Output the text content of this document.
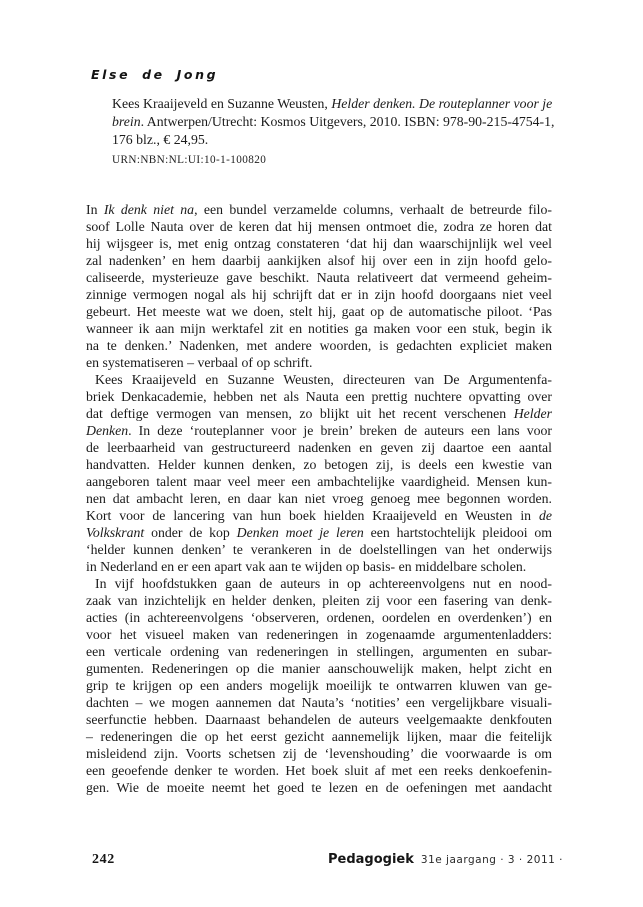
Else de Jong
Kees Kraaijeveld en Suzanne Weusten, Helder denken. De routeplanner voor je
brein. Antwerpen/Utrecht: Kosmos Uitgevers, 2010. ISBN: 978-90-215-4754-1,
176 blz., € 24,95.
URN:NBN:NL:UI:10-1-100820
In Ik denk niet na, een bundel verzamelde columns, verhaalt de betreurde filo-
soof Lolle Nauta over de keren dat hij mensen ontmoet die, zodra ze horen dat
hij wijsgeer is, met enig ontzag constateren ‘dat hij dan waarschijnlijk wel veel
zal nadenken’ en hem daarbij aankijken alsof hij over een in zijn hoofd gelo-
caliseerde, mysterieuze gave beschikt. Nauta relativeert dat vermeend geheim-
zinnige vermogen nogal als hij schrijft dat er in zijn hoofd doorgaans niet veel
gebeurt. Het meeste wat we doen, stelt hij, gaat op de automatische piloot. ‘Pas
wanneer ik aan mijn werktafel zit en notities ga maken voor een stuk, begin ik
na te denken.’ Nadenken, met andere woorden, is gedachten expliciet maken
en systematiseren – verbaal of op schrift.
Kees Kraaijeveld en Suzanne Weusten, directeuren van De Argumentenfa-
briek Denkacademie, hebben net als Nauta een prettig nuchtere opvatting over
dat deftige vermogen van mensen, zo blijkt uit het recent verschenen Helder
Denken. In deze ‘routeplanner voor je brein’ breken de auteurs een lans voor
de leerbaarheid van gestructureerd nadenken en geven zij daartoe een aantal
handvatten. Helder kunnen denken, zo betogen zij, is deels een kwestie van
aangeboren talent maar veel meer een ambachtelijke vaardigheid. Mensen kun-
nen dat ambacht leren, en daar kan niet vroeg genoeg mee begonnen worden.
Kort voor de lancering van hun boek hielden Kraaijeveld en Weusten in de
Volkskrant onder de kop Denken moet je leren een hartstochtelijk pleidooi om
‘helder kunnen denken’ te verankeren in de doelstellingen van het onderwijs
in Nederland en er een apart vak aan te wijden op basis- en middelbare scholen.
In vijf hoofdstukken gaan de auteurs in op achtereenvolgens nut en nood-
zaak van inzichtelijk en helder denken, pleiten zij voor een fasering van denk-
acties (in achtereenvolgens ‘observeren, ordenen, oordelen en overdenken’) en
voor het visueel maken van redeneringen in zogenaamde argumentenladders:
een verticale ordening van redeneringen in stellingen, argumenten en subar-
gumenten. Redeneringen op die manier aanschouwelijk maken, helpt zicht en
grip te krijgen op een anders mogelijk moeilijk te ontwarren kluwen van ge-
dachten – we mogen aannemen dat Nauta’s ‘notities’ een vergelijkbare visuali-
seerfunctie hebben. Daarnaast behandelen de auteurs veelgemaakte denkfouten
– redeneringen die op het eerst gezicht aannemelijk lijken, maar die feitelijk
misleidend zijn. Voorts schetsen zij de ‘levenshouding’ die voorwaarde is om
een geoefende denker te worden. Het boek sluit af met een reeks denkoefenin-
gen. Wie de moeite neemt het goed te lezen en de oefeningen met aandacht
242	Pedagogiek 31e jaargang · 3 · 2011 ·
